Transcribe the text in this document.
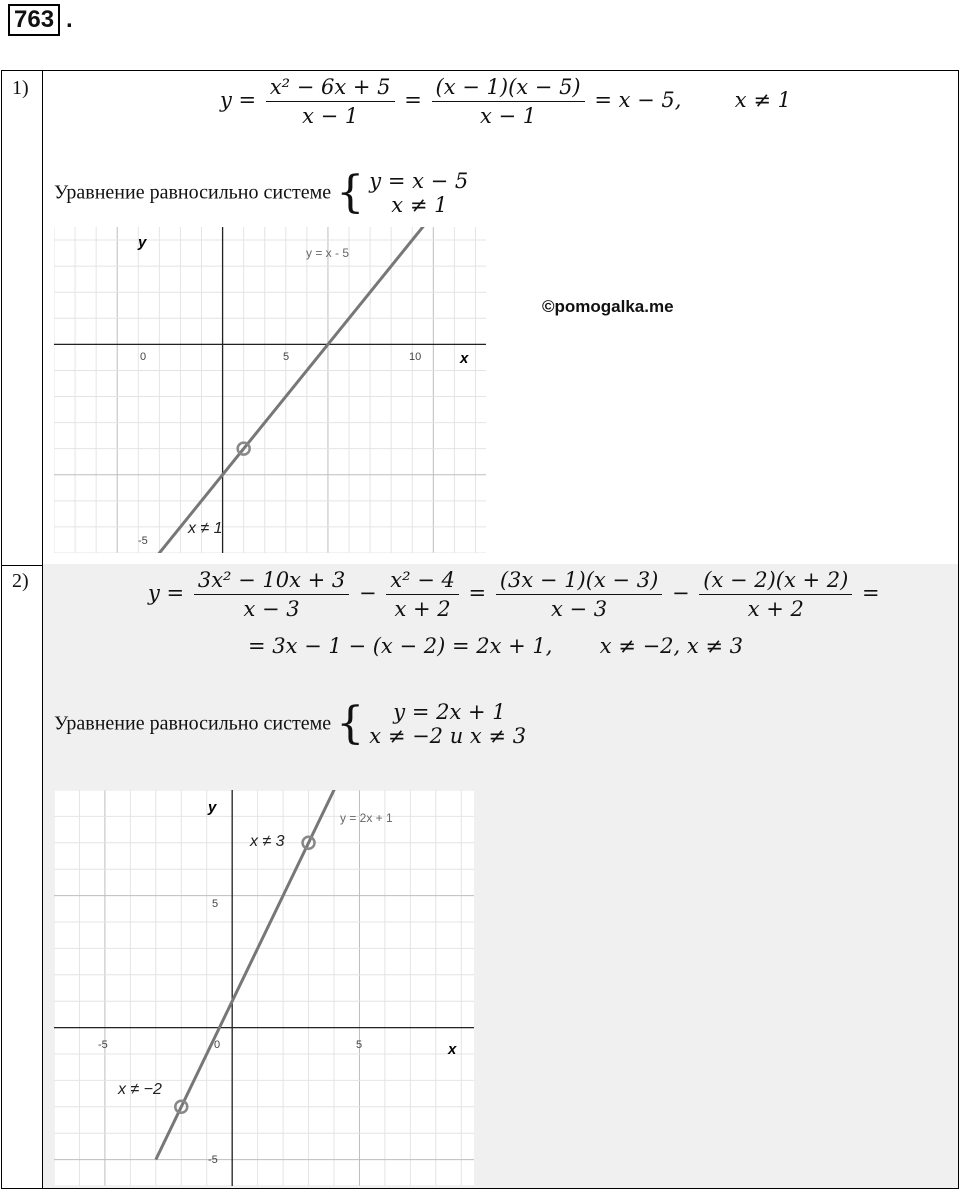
763 .
1)	$y = \frac{\text{x² − 6x + 5}}{x - 1} = \frac{(x - 1)(x - 5)}{x - 1} = x - 5$,	x ≠ 1
Уравнение равносильно системе { y = x − 5
x ≠ 1
y
x
y = x - 5
0	5	10
-5
x ≠ 1
©pomogalka.me
2)	$y = \frac{\text{3x² − 10x + 3}}{x - 3} - \frac{\text{x² − 4}}{x + 2} = \frac{(3x - 1)(x - 3)}{x - 3} - \frac{(x - 2)(x + 2)}{x + 2}$ =
= 3x − 1 − (x − 2) = 2x + 1, x ≠ −2, x ≠ 3
Уравнение равносильно системе {	y = 2x + 1
x ≠ −2 и x ≠ 3
y
x
y = 2x + 1
-5	0	5
5
-5
x ≠ 3
x ≠ −2
